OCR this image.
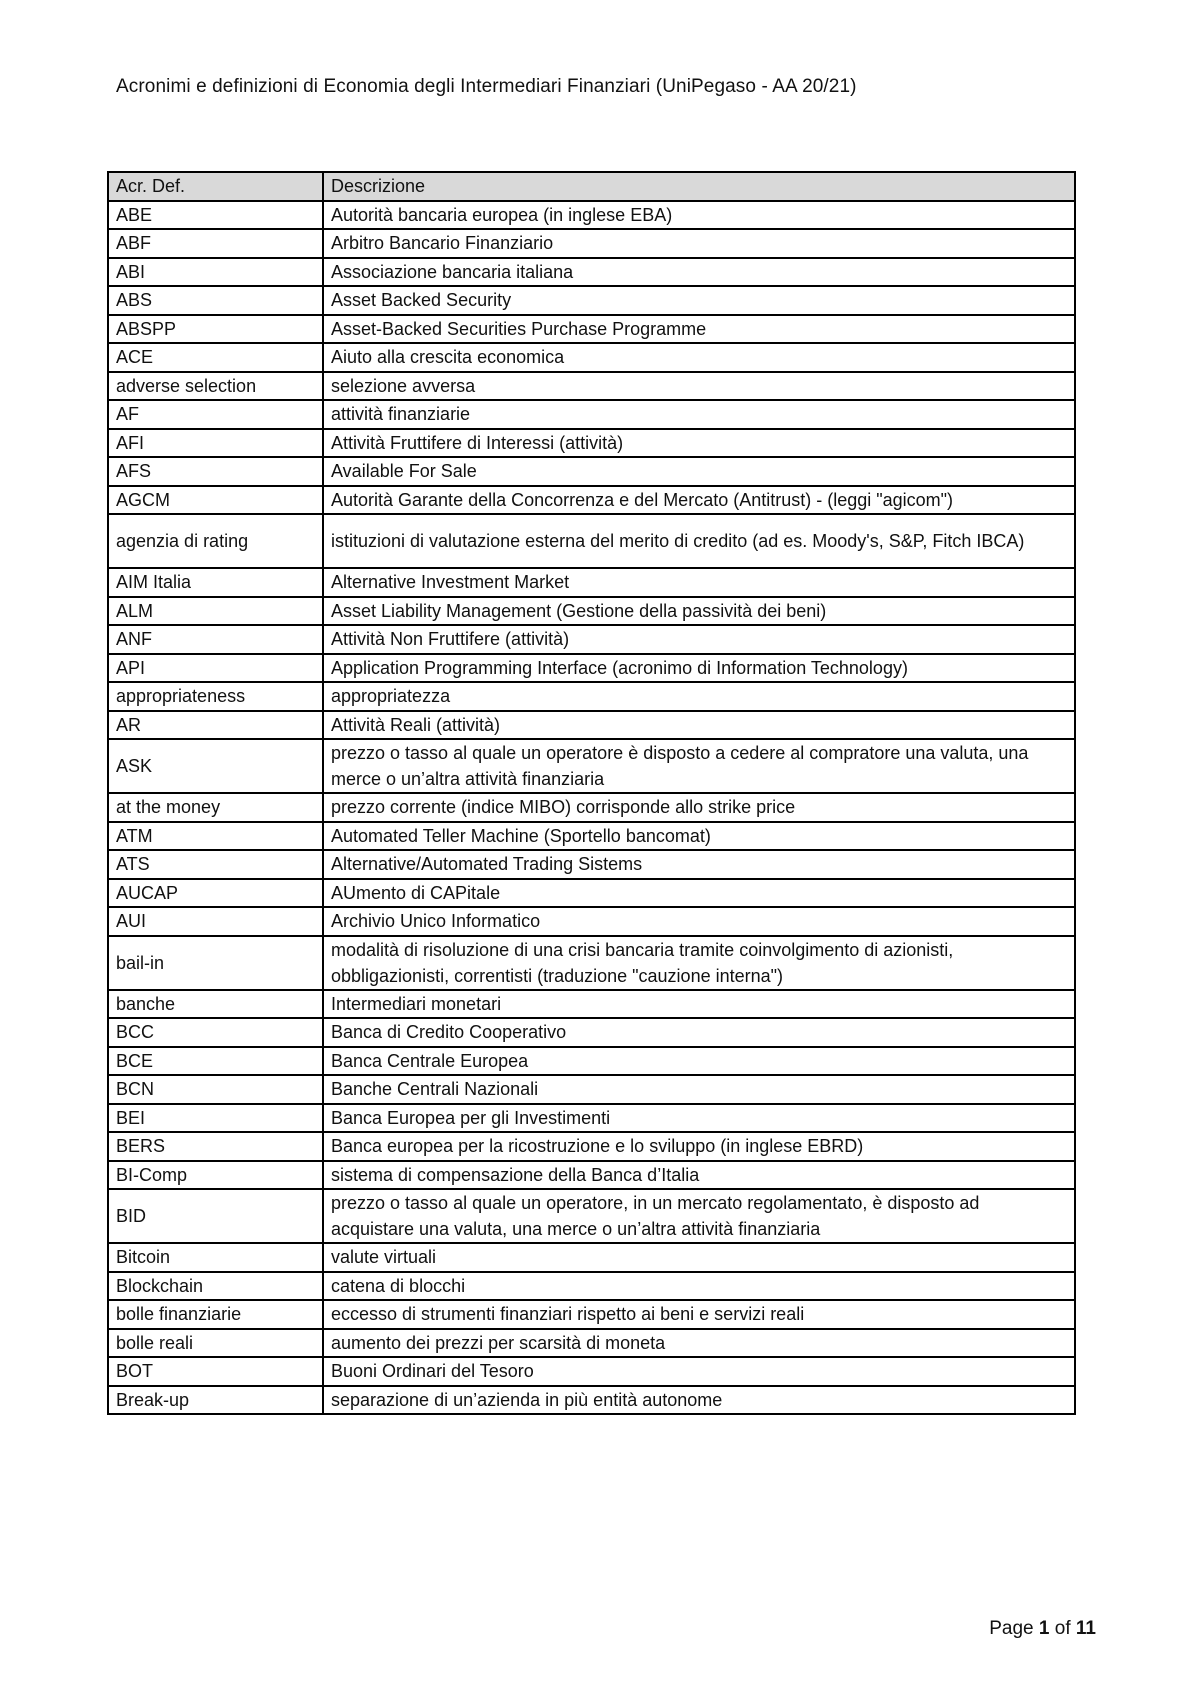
Acronimi e definizioni di Economia degli Intermediari Finanziari (UniPegaso - AA 20/21)
Acr. Def.	Descrizione
ABE	Autorità bancaria europea (in inglese EBA)
ABF	Arbitro Bancario Finanziario
ABI	Associazione bancaria italiana
ABS	Asset Backed Security
ABSPP	Asset-Backed Securities Purchase Programme
ACE	Aiuto alla crescita economica
adverse selection	selezione avversa
AF	attività finanziarie
AFI	Attività Fruttifere di Interessi (attività)
AFS	Available For Sale
AGCM	Autorità Garante della Concorrenza e del Mercato (Antitrust) - (leggi "agicom")
agenzia di rating	istituzioni di valutazione esterna del merito di credito (ad es. Moody's, S&P, Fitch IBCA)
AIM Italia	Alternative Investment Market
ALM	Asset Liability Management (Gestione della passività dei beni)
ANF	Attività Non Fruttifere (attività)
API	Application Programming Interface (acronimo di Information Technology)
appropriateness	appropriatezza
AR	Attività Reali (attività)
ASK	prezzo o tasso al quale un operatore è disposto a cedere al compratore una valuta, una merce o un’altra attività finanziaria
at the money	prezzo corrente (indice MIBO) corrisponde allo strike price
ATM	Automated Teller Machine (Sportello bancomat)
ATS	Alternative/Automated Trading Sistems
AUCAP	AUmento di CAPitale
AUI	Archivio Unico Informatico
bail-in	modalità di risoluzione di una crisi bancaria tramite coinvolgimento di azionisti, obbligazionisti, correntisti (traduzione "cauzione interna")
banche	Intermediari monetari
BCC	Banca di Credito Cooperativo
BCE	Banca Centrale Europea
BCN	Banche Centrali Nazionali
BEI	Banca Europea per gli Investimenti
BERS	Banca europea per la ricostruzione e lo sviluppo (in inglese EBRD)
BI-Comp	sistema di compensazione della Banca d’Italia
BID	prezzo o tasso al quale un operatore, in un mercato regolamentato, è disposto ad acquistare una valuta, una merce o un’altra attività finanziaria
Bitcoin	valute virtuali
Blockchain	catena di blocchi
bolle finanziarie	eccesso di strumenti finanziari rispetto ai beni e servizi reali
bolle reali	aumento dei prezzi per scarsità di moneta
BOT	Buoni Ordinari del Tesoro
Break-up	separazione di un’azienda in più entità autonome
Page 1 of 11
